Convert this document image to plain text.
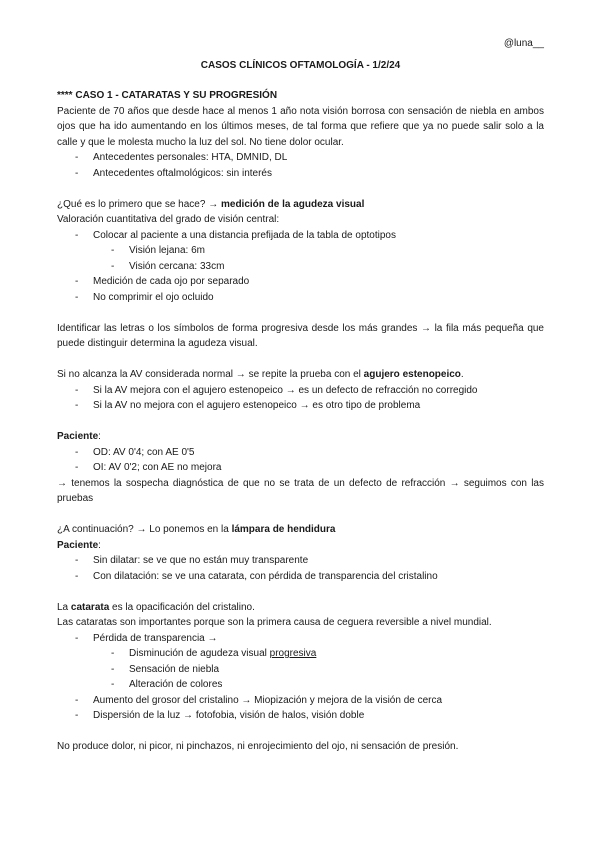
@luna__
CASOS CLÍNICOS OFTAMOLOGÍA - 1/2/24

**** CASO 1 - CATARATAS Y SU PROGRESIÓN

Paciente de 70 años que desde hace al menos 1 año nota visión borrosa con sensación de niebla en ambos ojos que ha ido aumentando en los últimos meses, de tal forma que refiere que ya no puede salir solo a la calle y que le molesta mucho la luz del sol. No tiene dolor ocular.

- Antecedentes personales: HTA, DMNID, DL

- Antecedentes oftalmológicos: sin interés

¿Qué es lo primero que se hace? → medición de la agudeza visual

Valoración cuantitativa del grado de visión central:

- Colocar al paciente a una distancia prefijada de la tabla de optotipos

- Visión lejana: 6m

- Visión cercana: 33cm

- Medición de cada ojo por separado

- No comprimir el ojo ocluido

Identificar las letras o los símbolos de forma progresiva desde los más grandes → la fila más pequeña que puede distinguir determina la agudeza visual.

Si no alcanza la AV considerada normal → se repite la prueba con el agujero estenopeico.

- Si la AV mejora con el agujero estenopeico → es un defecto de refracción no corregido

- Si la AV no mejora con el agujero estenopeico → es otro tipo de problema

Paciente:

- OD: AV 0'4; con AE 0'5

- OI: AV 0'2; con AE no mejora

→ tenemos la sospecha diagnóstica de que no se trata de un defecto de refracción → seguimos con las pruebas

¿A continuación? → Lo ponemos en la lámpara de hendidura

Paciente:

- Sin dilatar: se ve que no están muy transparente

- Con dilatación: se ve una catarata, con pérdida de transparencia del cristalino

La catarata es la opacificación del cristalino.

Las cataratas son importantes porque son la primera causa de ceguera reversible a nivel mundial.

- Pérdida de transparencia →

- Disminución de agudeza visual progresiva

- Sensación de niebla

- Alteración de colores

- Aumento del grosor del cristalino → Miopización y mejora de la visión de cerca

- Dispersión de la luz → fotofobia, visión de halos, visión doble

No produce dolor, ni picor, ni pinchazos, ni enrojecimiento del ojo, ni sensación de presión.
